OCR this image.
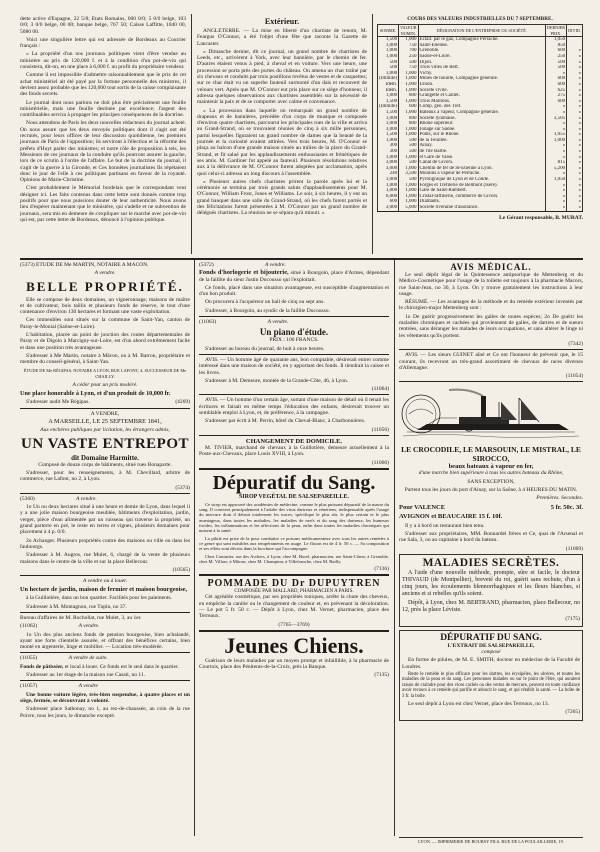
dette active d'Espagne, 22 5/8; Etats Romains, 000 0/0; 5 0/0 belge, 103 0/0; 3 0/0 belge, 00 00; banque belge, 767 50; Caisse Laffitte, 1040 00, 5080 00.

Voici une singulière lettre qui est adressée de Bordeaux au Courrier français :

« La propriété d'un nos journaux politiques vient d'être vendue au ministère au prix de 120,000 f. et à la condition d'un pot-de-vin qui consistera, dit-on, en une place à 6,000 f. au profit du propriétaire vendeur.

Comme il est impossible d'admettre raisonnablement que le prix de cet achat ministériel ait été payé par la fortune personnelle des ministres, il devient assez probable que les 120,000 tout sortis de la caisse complaisante des fonds secrets.

Le journal dont nous parlons ne doit plus être précisément une feuille ministérielle, mais une feuille destinée par excellence; l'argent des contribuables servira à propager les principes conséquences de la doctrine.

Nous attendons de Paris les deux nouvelles rédacteurs du journal acheté. On nous assure que les deux envoyés politiques dont il s'agit ont été recrutés, pour leurs offices de leur discussion quotidienne, les premiers journaux de Paris de l'opposition; ils serviront à l'élection et la réforme des préfets d'Huyt parler des ministres; et notre rôle de proposition à tels, les Messieurs de ces journaux de la conduite qu'ils pourront assurer la gauche, lors de ce scrutin à l'ordre de l'affaire. Le but de la doctrine du journal, il s'agit de la guerre à la Gironde, et Ces honnêtes journalistes Ils répétaient donc le jour de l'elle à ces politiques partisans en faveur de la royauté. Opinions de Marie-Christine.

C'est probablement le Mémorial bordelais que le correspondant veut désigner ici. Les faits contenus dans cette lettre sont donnés comme trop positifs pour que nous puissions douter de leur authenticité. Nous avons lieu d'espérer maintenant que le ministère, qui s'adelle et ne subvention de journaux, sera mis en demeure de s'expliquer sur le marché avec pot-de-vin qui est, par cette lettre de Bordeaux, dénoncé à l'opinion publique.

Extérieur.

ANGLETERRE. — La mise en liberté d'un chartiste de renom, M. Feargus O'Connor, a été l'objet d'une fête que raconte la Gazette de Lancaster.

« Dimanche dernier, dit ce journal, un grand nombre de chartistes de Leeds, etc., arrivèrent à York, avec leur bannière, par le chemin de fer. D'autres étaient venus à pied, à cheval et en voiture. Vers une heure, une procession se porta près des portes du château. On amena un char traîné par six chevaux et conduits par trois postillons revêtus de vestes et de casquettes; sur ce char était vu un superbe fauteuil surmonté d'un dais et recouvert de velours vert. Après que M. O'Connor eut pris place sur ce siège d'honneur, il adressa quelques observations aux chartistes assemblés sur la nécessité de maintenir la paix et de se comporter avec calme et convenance.

« La procession dans laquelle on remarquait un grand nombre de drapeaux et de bannières, précédée d'un corps de musique et composée d'environ quatre chartistes, parcourut les principales rues de la ville et arriva au Grand-Strand, où se trouvaient réunies de cinq à six mille personnes, parmi lesquelles figuraient un grand nombre de dames que la beauté de la journée et la curiosité avaient attirées. Vers trois heures, M. O'Connor se plaça au balcon d'une grande maison située au milieu de la place du Grand-Strand, et fit salué par les applaudissements enthousiastes et frénétiques de ses amis. M. Gardiner fut appelé au fauteuil. Plusieurs résolutions relatives aux à la délivrance de M. O'Connor furent adoptées par acclamation, après quoi celui-ci adressa un long discours à l'assemblée.

« Plusieurs autres chefs chartistes prirent la parole après lui et la cérémonie se termina par trois grands saluts d'applaudissements pour M. O'Connor, William Frost, Jones et Williams. Le soir, à six heures, il y eut un grand banquet dans une salle du Grand-Strand, où les chefs furent portés et des félicitations furent présentées à M. O'Connor par un grand nombre de délégués chartistes. La réunion ne se sépara qu'à minuit. »

COURS DES VALEURS INDUSTRIELLES DU 7 SEPTEMBRE.
SOMME.	VALEUR NOMIN.	DÉSIGNATION DE L'ENTREPRISE OU SOCIÉTÉ.	DERNIER PRIX.	DIVID.
1,500	1,000	Eclair. par le gaz, Compagnie Perrache.	1,050	
1,000	750	Saint-Etienne.	850	
1,000	700	Grenoble.	600	»
1,000	250	Saône-et-Loire.	250	»
500	500	Dijon.	500	»
500	750	Trois villes de Belf.	500	»
1,000	1,000	Vichy.	»	»
(Illimité)	1,000	Mines de houille, Compagnie générale.	600	»
Idem.	1,000	Union.	600	»
Idem.	1,000	Société civile.	625	»
1,000	800	Grangette et Caillet.	275	»
1,500	1,000	Trois Maillons.	600	»
(Illimité)	600	Comp. gén. des Tréf.	»	»
1,500	1,000	Bateaux à vapeur, Compagnie générale.	»	»
1,000	800	Société lyonnaise.	3,505	»
1,000	800	Rhône supérieur.	»	»
3,000	1,000	Jonage sur Saône.	»	»
1,500	1,000	Ponts, sur le Rhône.	1,055	»
1,000	500	de la Feuillée.	1,000	»
300	500	Ainay.	»	»
300	500	de l'île Barbe.	»	»
1,000	1,000	et Gare de Vaise.	»	»
3,000	500	Canal de Givors.	815	»
3,000	1,000	Chemin de fer de St-Etienne à Lyon.	5,200	»
240	3,500	Moulins à vapeur de Perrache.	»	»
1,000	500	Pyrolignique de Lyon et de Condé.	1,050	»
1,000	1,000	Forges et Tréfilerie de Belmont (Isère).	»	»
1,000	1,000	Gare de Saint-Rambert.	»	»
6,000	1,000	Cristal-raffinerie, commerce de Givors.	»	»
600	1,000	Diamants.	»	»
3,000	5,000	Société riveraine d'assurance.	»	»
Le Gérant responsable, B. MURAT.

(5373) ÉTUDE DE Me MARTIN, NOTAIRE A MACON.

A vendre.

BELLE PROPRIÉTÉ.

Elle se compose de deux domaines, un vigneronnage, maisons de maître et de cultivateur, bois taillis et plusieurs fonds de réserve, le tout d'une contenance d'environ 130 hectares et formant une vaste exploitation.

Ces immeubles sont situés sur la commune de Saint-Yan, canton de Paray-le-Monial (Saône-et-Loire).

L'habitation, placée au point de jonction des routes départementales de Paray et de Digoin à Marcigny-sur-Loire, est d'un abord extrêmement facile et dans une position très avantageuse.

S'adresser à Me Martin, notaire à Mâcon, ou à M. Barron, propriétaire et membre du conseil-général, à Saint-Yan.

ÉTUDE DE Me RÉGIPAS, NOTAIRE A LYON, RUE LAFONT, 4, SUCCESSEUR DE Me CHAILLY.

A céder pour un prix modéré.

Une place honorable à Lyon, et d'un produit de 10,000 fr.

S'adresser audit Me Régipas.	(4269)

A VENDRE,

A MARSEILLE, LE 25 SEPTEMBRE 1841,

Aux enchères publiques par licitation, les étrangers admis,

UN VASTE ENTREPOT
dit Domaine Harmitte.

Composé de douze corps de bâtiments, situé rues Bonaparte.

S'adresser, pour les renseignements, à M. Chevillard, arbitre de commerce, rue Lafont, no 2, à Lyon.

(5374)

(5360)	A vendre.

1o Un ou deux hectares situé à une heure et demie de Lyon, dans lequel il y a une jolie maison bourgeoise meublée, bâtiments d'exploitation, jardin, verger, pièce d'eau alimentée par un ruisseau qui traverse la propriété, un grand parterre en pré, le reste en terres et vignes, plusieurs domaines pour placement à 4 p. 0/0.

2o Achanger. Plusieurs propriétés contre des maisons ou ville ou dans les faubourgs.

S'adresser à M. Augros, rue Mulet, 6, chargé de la vente de plusieurs maisons dans le centre de la ville et sur la place Bellecour.

(10565)

A vendre ou à louer.

Un hectare de jardin, maison de fermier et maison bourgeoise,

à la Guillotière, dans un bon quartier. Facilités pour les paiements.

S'adresser à M. Montagnon, rue Tupin, no 37.

Bureau d'affaires de M. Rochollat, rue Mulet, 3, au 1er.

(11062)	A vendre.

1o Un des plus anciens fonds de pension bourgeoise, bien achalandé, ayant une forte clientelle assurée, et offrant des bénéfices certains, bien monté en argenterie, linge et mobilier. — Location très-modérée.

(11055)	A vendre de suite.

Fonds de pâtissier, et local à louer. Ce fonds est le seul dans le quartier.

S'adresser au 1er étage de la maison rue Casati, no 11.

(11057)	A vendre

Une bonne voiture légère, très-bien suspendue, à quatre places et un siège, fermée, se découvrant à volonté.

S'adresser place Sathonay, no 1, au rez-de-chaussée, au coin de la rue Poivre, tous les jours, le dimanche excepté.

(5372)	A vendre.

Fonds d'horlogerie et bijouterie, situé à Bourgoin, place d'Armes, dépendant de la faillite du sieur Justin Ducousso qui l'exploitait.

Ce fonds, placé dans une situation avantageuse, est susceptible d'augmentation et d'un bon produit.

On procurera à l'acquéreur un bail de cinq ou sept ans.

S'adresser, à Bourgoin, au syndic de la faillite Ducousso.

(11063)	A vendre.

Un piano d'étude.

PRIX : 100 FRANCS.

S'adresser au bureau du journal, de huit à onze heures.

AVIS. — Un homme âgé de quarante ans, bon comptable, désirerait entrer comme intéressé dans une maison de société, en y apportant des fonds. Il tiendrait la caisse et les livres.

S'adresser à M. Demeure, montée de la Grande-Côte, 46, à Lyon.

(11064)

AVIS. — Un homme d'un certain âge, sortant d'une maison de détail où il tenait les écritures et faisait en même temps l'éducation des enfants, désirerait trouver un semblable emploi à Lyon, et, de préférence, à la campagne.

S'adresser par écrit à M. Perrin, hôtel du Cheval-Blanc, à Charbonnières.

(11056)

CHANGEMENT DE DOMICILE.

M. TIVIER, marchand de chevaux à la Guillotière, demeure actuellement à la Poste-aux-Chevaux, place Louis XVIII, à Lyon.

(11060)

Dépuratif du Sang.
SIROP VEGÉTAL DE SALSEPAREILLE.

Ce sirop est approuvé des académies de médecine, comme le plus puissant dépuratif de la masse du sang. Il convient principalement à l'adulte des virus dartreux et vénériens, indispensable après l'usage du mercure dont il détruit totalement les traces; spécifique le plus sûr, le plus certain et le plus avantageux, dans toutes les maladies, les maladies de nerfs et du sang des dartreux, les humeurs froides, les inflammations et les affections de la peau, enfin dans toutes les maladies chroniques qui nuisent à la santé.

La pilule est prise de la pour combattre ce poisons médicamenteux avec tous les autres remèdes à ce genre qui sont nuisibles aux tempéraments en usage. Le flacon est de 4 fr. 50 c. — Sa composition et ses effets sont décrits dans la brochure qui l'accompagne.

Chez Couturier, rue des Archers, à Lyon; chez M. Borel, pharmacien, rue Saint-Côme; à Grenoble, chez M. Villars; à Mâcon, chez M. Champion; à Villefranche, chez M. Bailly.

(7136)

POMMADE DU Dr DUPUYTREN
COMPOSÉE PAR MALLARD, PHARMACIEN A PARIS.

Cet agréable cosmétique, par ses propriétés toniques, arrête la chute des cheveux, en empêche la canitie ou le changement de couleur et, en prévenant la décoloration. — Le pot 5 fr. 50 c. — Dépôt à Lyon, chez M. Vernet, pharmacien, place des Terreaux.

(7765—3769)

Jeunes Chiens.

Guérison de leurs maladies par un moyen prompt et infaillible, à la pharmacie de Courtois, place des Pénitents-de-la-Croix, près la Banque.

(7135)

AVIS MÉDICAL.

Le seul dépôt légal de la Quintessence antipsorique de Mettenberg et du Médico-Cosmétique pour l'usage de la toilette est toujours à la pharmacie Macors, rue Saint-Jean, no 30, à Lyon. On y trouve gratuitement les instructions à leur usage.

RÉSUMÉ. — Les avantages de la méthode et du remède extérieur inventés par le chirurgien-major Mettenberg sont :

1o De guérir progressivement les galles de toutes espèces; 2o De guérir les maladies chroniques et cachées qui proviennent de galles, de dartres et de sueurs rentrées, sans déranger les malades de leurs occupations, et sans altérer le linge ni les vêtements qu'ils portent.

(7342)

AVIS. — Les sieurs GUINET aîné et Ce ont l'honneur de prévenir que, le 15 courant, ils recevront un très-grand assortiment de chevaux de races diverses d'Allemagne.

(11054)

LE CROCODILE, LE MARSOUIN, LE MISTRAL, LE SIROCCO,
beaux bateaux à vapeur en fer,

d'une marche bien supérieure à tous les autres bateaux du Rhône,

SANS EXCEPTION,

Partent tous les jours du port d'Ainay, sur la Saône, à 4 HEURES DU MATIN.

Premières. Secondes.

Pour VALENCE	5 fr. 50c. 3f.

AVIGNON et BEAUCAIRE 15 f. 10f.

Il y a à bord un restaurant bien tenu.

S'adresser aux propriétaires, MM. Bonnardel frères et Ce, quai de l'Arsenal et rue Sala, 3, ou au capitaine à bord du bateau.

(11069)

MALADIES SECRÈTES.

A l'aide d'une nouvelle méthode, prompte, sûre et facile, le docteur THIVAUD (de Montpellier), breveté du roi, guérit sans rechute, d'un à cinq jours, les écoulements blennorrhagiques et les fleurs blanches, si anciens et si rebelles qu'ils soient.

Dépôt, à Lyon, chez M. BERTRAND, pharmacien, place Bellecour, no 12, près la place Léviste.

(7175)

DÉPURATIF DU SANG.
L'EXTRAIT DE SALSEPAREILLE,

composé

En forme de pilules, de M. E. SMITH, docteur en médecine de la Faculté de Londres.

Reste le remède le plus efficace pour les dartres, les érysipèles, les ulcères, et toutes les maladies de la peau et du sang. Les personnes malades ou sur le point de l'être, qui auraient raison de craindre pour des vices cachés ou des vertus de mercure, peuvent en toute confiance avoir recours à ce remède qui purifie et adoucit le sang, et qui rétablit la santé. — La boîte de 3 fr. la boîte.

Le seul dépôt à Lyon est chez Vernet, place des Terreaux, no 13.

(7265)

LYON. — IMPRIMERIE DE BOURSY FILS, RUE DE LA POULAILLERIE, 19.
